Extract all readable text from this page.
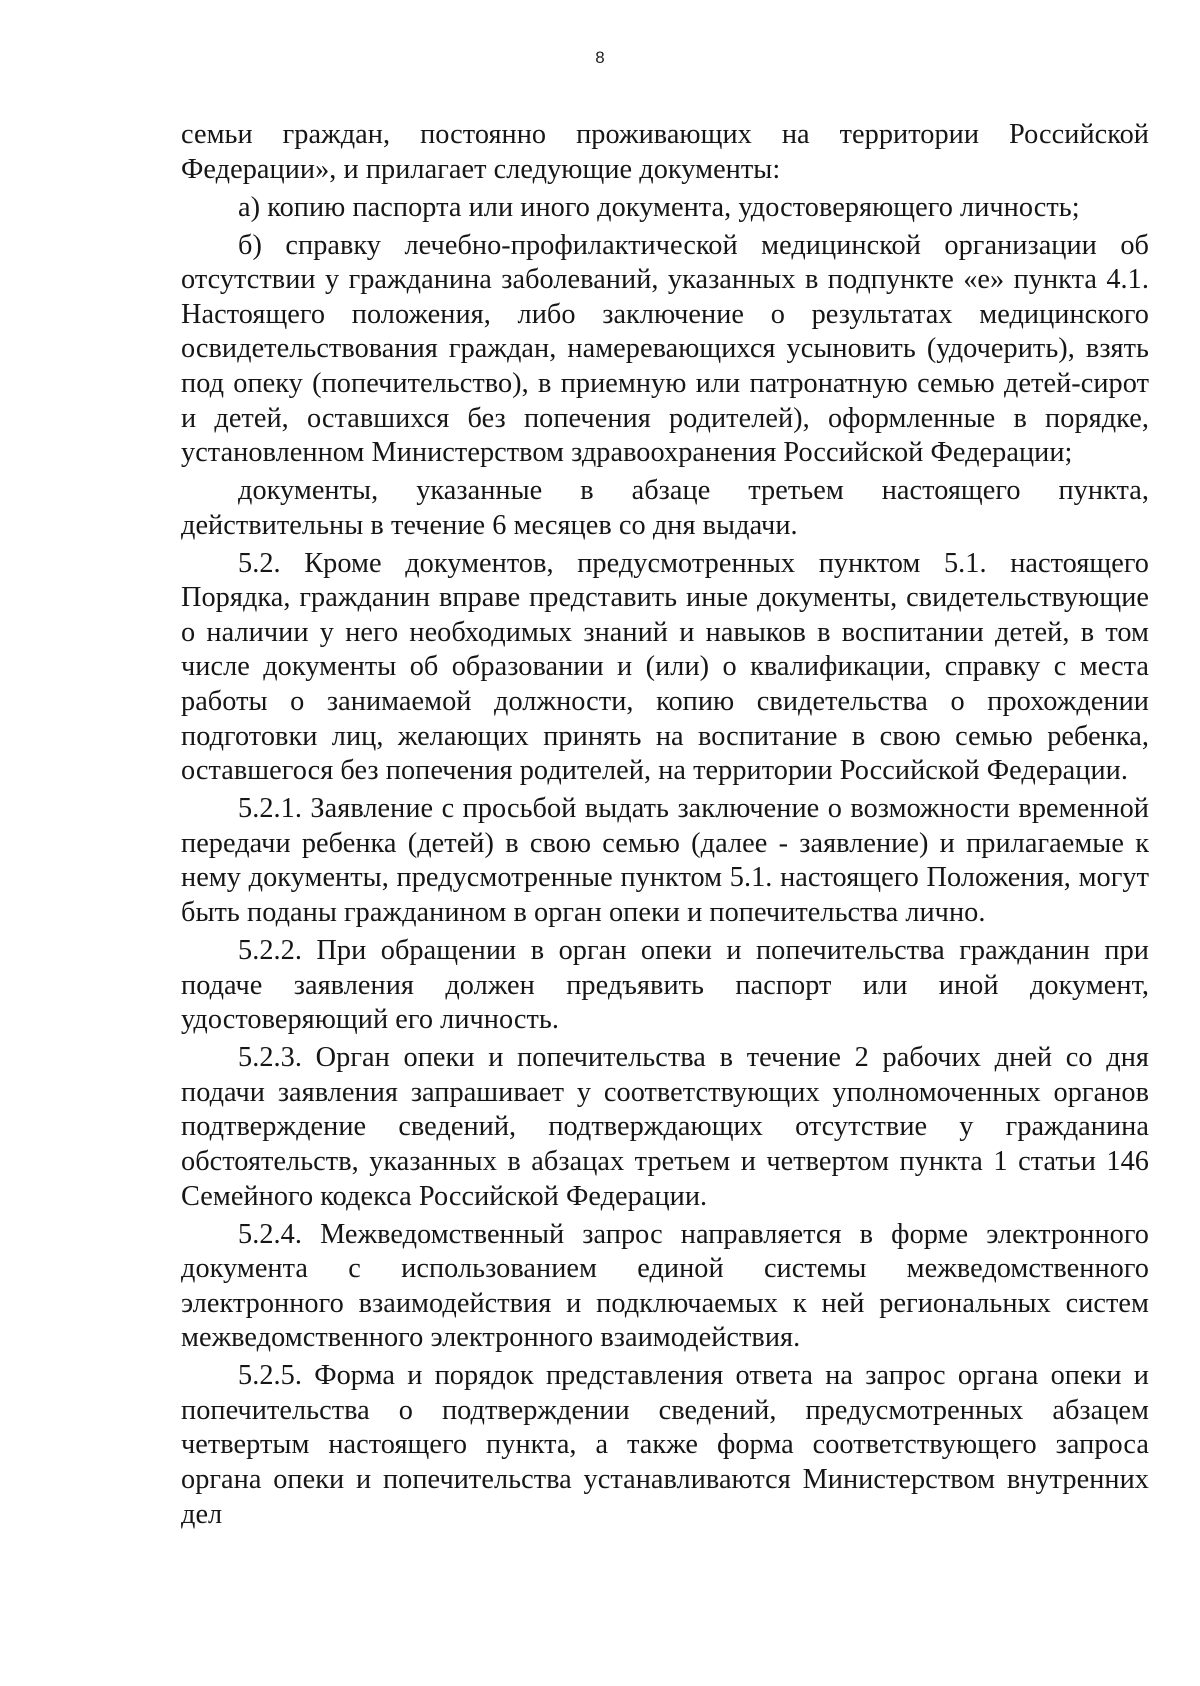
8

семьи граждан, постоянно проживающих на территории Российской Федерации», и прилагает следующие документы:

а) копию паспорта или иного документа, удостоверяющего личность;

б) справку лечебно-профилактической медицинской организации об отсутствии у гражданина заболеваний, указанных в подпункте «е» пункта 4.1. Настоящего положения, либо заключение о результатах медицинского освидетельствования граждан, намеревающихся усыновить (удочерить), взять под опеку (попечительство), в приемную или патронатную семью детей-сирот и детей, оставшихся без попечения родителей), оформленные в порядке, установленном Министерством здравоохранения Российской Федерации;

документы, указанные в абзаце третьем настоящего пункта, действительны в течение 6 месяцев со дня выдачи.

5.2. Кроме документов, предусмотренных пунктом 5.1. настоящего Порядка, гражданин вправе представить иные документы, свидетельствующие о наличии у него необходимых знаний и навыков в воспитании детей, в том числе документы об образовании и (или) о квалификации, справку с места работы о занимаемой должности, копию свидетельства о прохождении подготовки лиц, желающих принять на воспитание в свою семью ребенка, оставшегося без попечения родителей, на территории Российской Федерации.

5.2.1. Заявление с просьбой выдать заключение о возможности временной передачи ребенка (детей) в свою семью (далее - заявление) и прилагаемые к нему документы, предусмотренные пунктом 5.1. настоящего Положения, могут быть поданы гражданином в орган опеки и попечительства лично.

5.2.2. При обращении в орган опеки и попечительства гражданин при подаче заявления должен предъявить паспорт или иной документ, удостоверяющий его личность.

5.2.3. Орган опеки и попечительства в течение 2 рабочих дней со дня подачи заявления запрашивает у соответствующих уполномоченных органов подтверждение сведений, подтверждающих отсутствие у гражданина обстоятельств, указанных в абзацах третьем и четвертом пункта 1 статьи 146 Семейного кодекса Российской Федерации.

5.2.4. Межведомственный запрос направляется в форме электронного документа с использованием единой системы межведомственного электронного взаимодействия и подключаемых к ней региональных систем межведомственного электронного взаимодействия.

5.2.5. Форма и порядок представления ответа на запрос органа опеки и попечительства о подтверждении сведений, предусмотренных абзацем четвертым настоящего пункта, а также форма соответствующего запроса органа опеки и попечительства устанавливаются Министерством внутренних дел
